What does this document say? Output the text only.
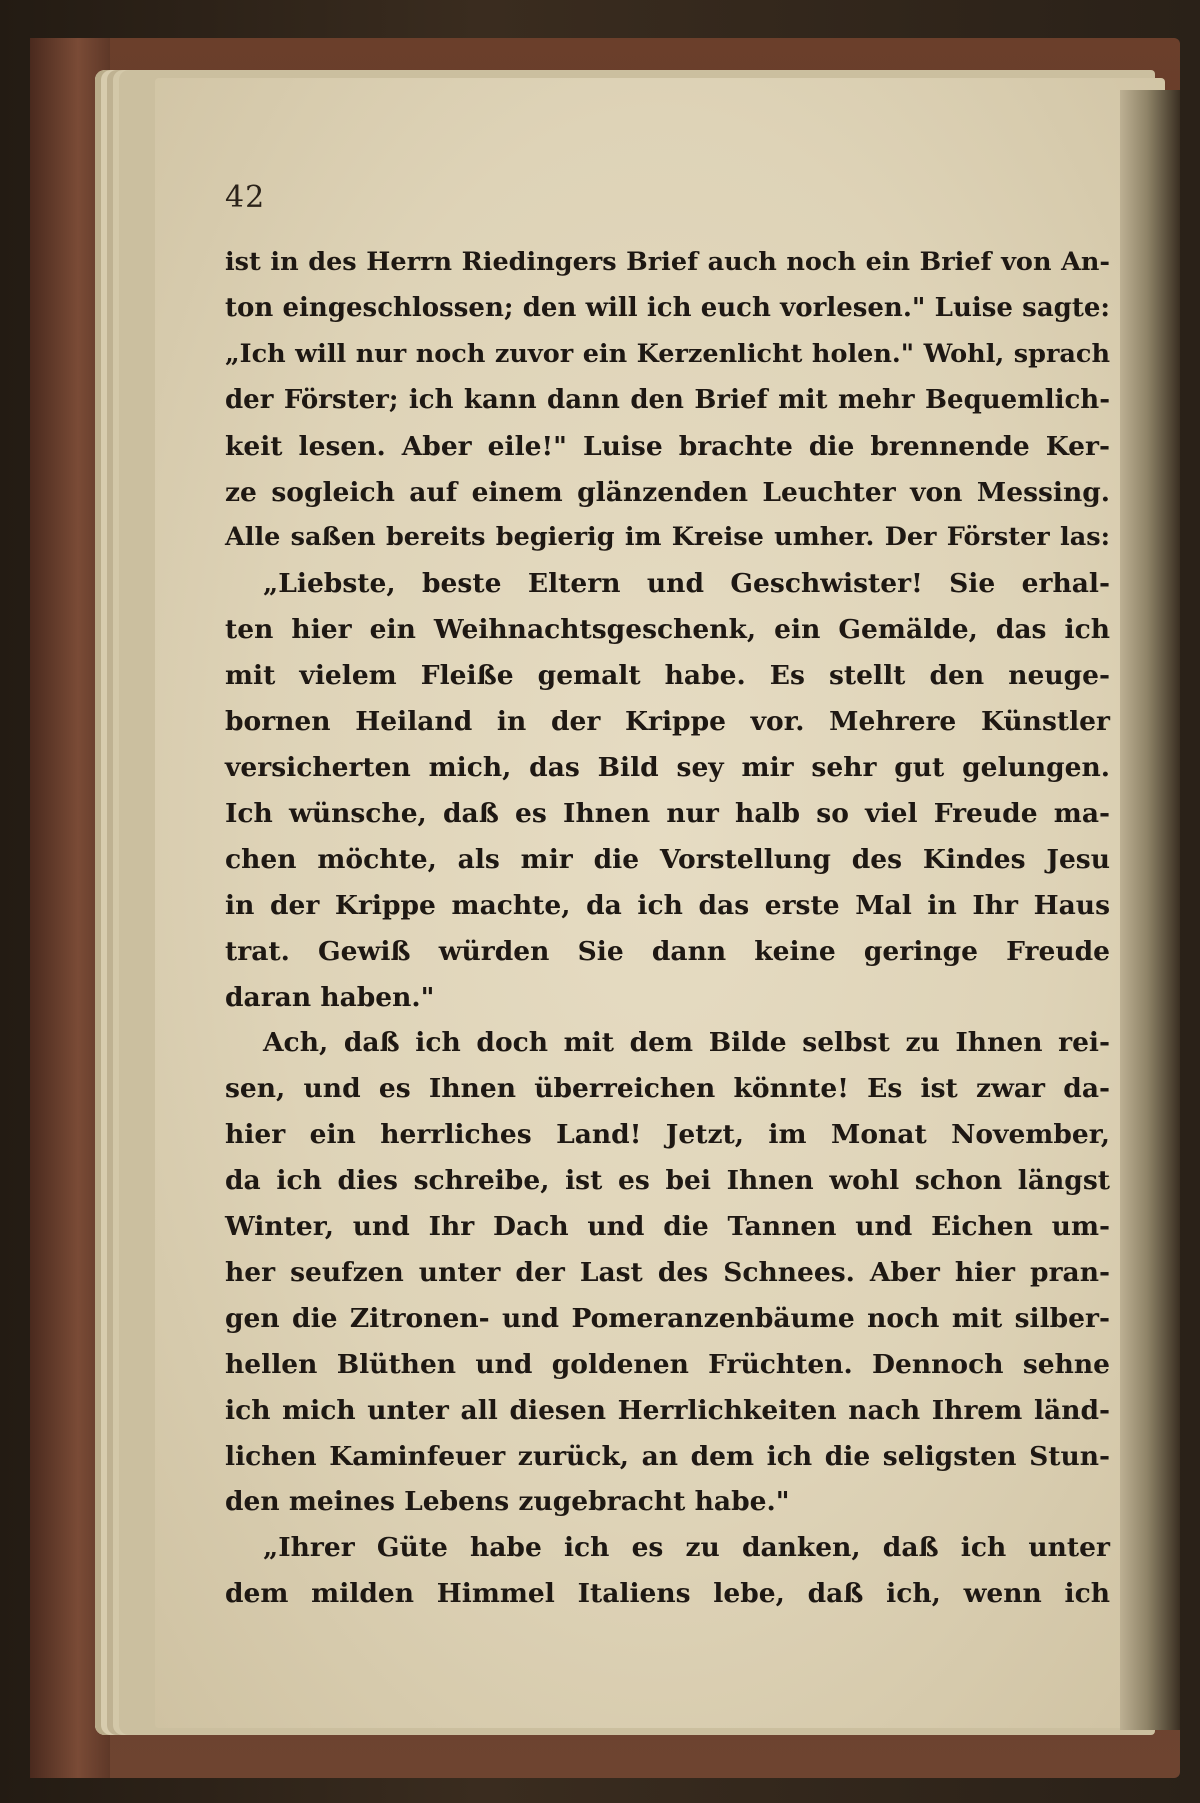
42
ist in des Herrn Riedingers Brief auch noch ein Brief von An-
ton eingeschlossen; den will ich euch vorlesen." Luise sagte:
„Ich will nur noch zuvor ein Kerzenlicht holen." Wohl, sprach
der Förster; ich kann dann den Brief mit mehr Bequemlich-
keit lesen. Aber eile!" Luise brachte die brennende Ker-
ze sogleich auf einem glänzenden Leuchter von Messing.
Alle saßen bereits begierig im Kreise umher. Der Förster las:
„Liebste, beste Eltern und Geschwister! Sie erhal-
ten hier ein Weihnachtsgeschenk, ein Gemälde, das ich
mit vielem Fleiße gemalt habe. Es stellt den neuge-
bornen Heiland in der Krippe vor. Mehrere Künstler
versicherten mich, das Bild sey mir sehr gut gelungen.
Ich wünsche, daß es Ihnen nur halb so viel Freude ma-
chen möchte, als mir die Vorstellung des Kindes Jesu
in der Krippe machte, da ich das erste Mal in Ihr Haus
trat. Gewiß würden Sie dann keine geringe Freude
daran haben."
Ach, daß ich doch mit dem Bilde selbst zu Ihnen rei-
sen, und es Ihnen überreichen könnte! Es ist zwar da-
hier ein herrliches Land! Jetzt, im Monat November,
da ich dies schreibe, ist es bei Ihnen wohl schon längst
Winter, und Ihr Dach und die Tannen und Eichen um-
her seufzen unter der Last des Schnees. Aber hier pran-
gen die Zitronen- und Pomeranzenbäume noch mit silber-
hellen Blüthen und goldenen Früchten. Dennoch sehne
ich mich unter all diesen Herrlichkeiten nach Ihrem länd-
lichen Kaminfeuer zurück, an dem ich die seligsten Stun-
den meines Lebens zugebracht habe."
„Ihrer Güte habe ich es zu danken, daß ich unter
dem milden Himmel Italiens lebe, daß ich, wenn ich
